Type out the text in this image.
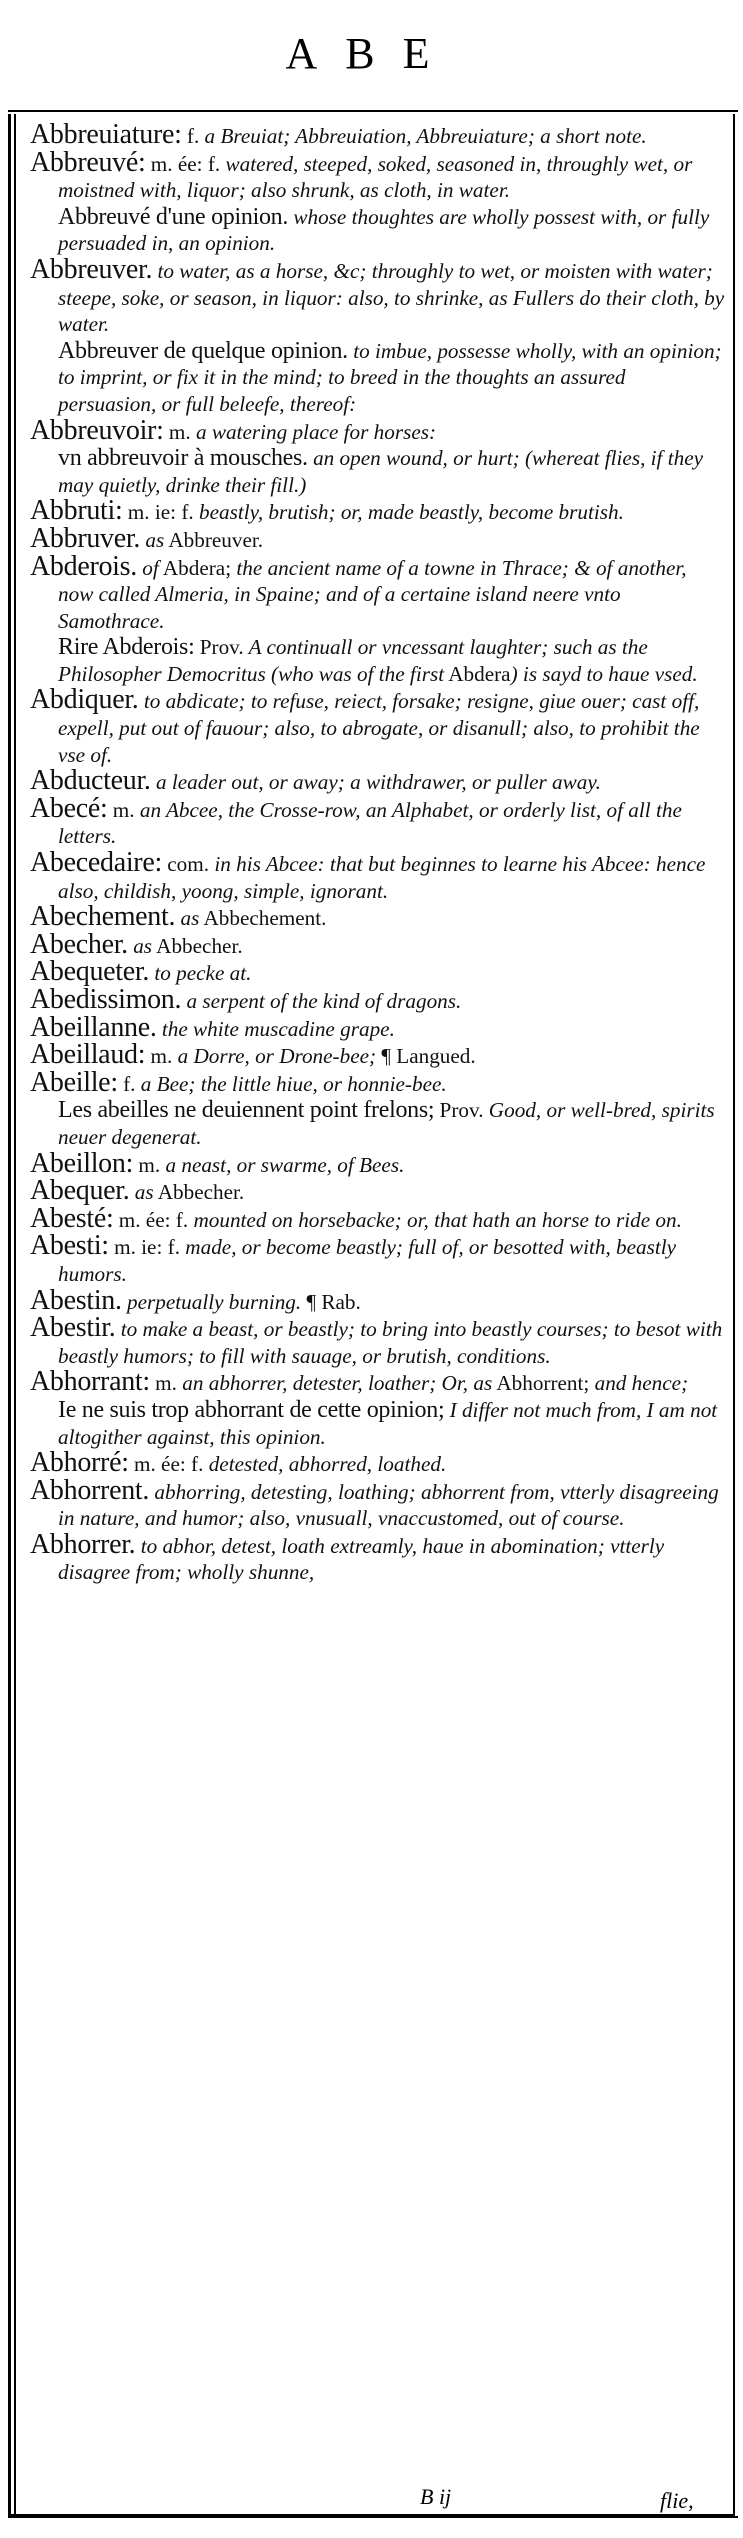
ABE

Abbreuiature: f. a Breuiat; Abbreuiation, Abbreuiature; a short note.

Abbreuvé: m. ée: f. watered, steeped, soked, seasoned in, throughly wet, or moistned with, liquor; also shrunk, as cloth, in water.

Abbreuvé d'une opinion. whose thoughtes are wholly possest with, or fully persuaded in, an opinion.

Abbreuver. to water, as a horse, &c; throughly to wet, or moisten with water; steepe, soke, or season, in liquor: also, to shrinke, as Fullers do their cloth, by water.

Abbreuver de quelque opinion. to imbue, possesse wholly, with an opinion; to imprint, or fix it in the mind; to breed in the thoughts an assured persuasion, or full beleefe, thereof:

Abbreuvoir: m. a watering place for horses:

vn abbreuvoir à mousches. an open wound, or hurt; (whereat flies, if they may quietly, drinke their fill.)

Abbruti: m. ie: f. beastly, brutish; or, made beastly, become brutish.

Abbruver. as Abbreuver.

Abderois. of Abdera; the ancient name of a towne in Thrace; & of another, now called Almeria, in Spaine; and of a certaine island neere vnto Samothrace.

Rire Abderois: Prov. A continuall or vncessant laughter; such as the Philosopher Democritus (who was of the first Abdera) is sayd to haue vsed.

Abdiquer. to abdicate; to refuse, reiect, forsake; resigne, giue ouer; cast off, expell, put out of fauour; also, to abrogate, or disanull; also, to prohibit the vse of.

Abducteur. a leader out, or away; a withdrawer, or puller away.

Abecé: m. an Abcee, the Crosse-row, an Alphabet, or orderly list, of all the letters.

Abecedaire: com. in his Abcee: that but beginnes to learne his Abcee: hence also, childish, yoong, simple, ignorant.

Abechement. as Abbechement.

Abecher. as Abbecher.

Abequeter. to pecke at.

Abedissimon. a serpent of the kind of dragons.

Abeillanne. the white muscadine grape.

Abeillaud: m. a Dorre, or Drone-bee; ¶ Langued.

Abeille: f. a Bee; the little hiue, or honnie-bee.

Les abeilles ne deuiennent point frelons; Prov. Good, or well-bred, spirits neuer degenerat.

Abeillon: m. a neast, or swarme, of Bees.

Abequer. as Abbecher.

Abesté: m. ée: f. mounted on horsebacke; or, that hath an horse to ride on.

Abesti: m. ie: f. made, or become beastly; full of, or besotted with, beastly humors.

Abestin. perpetually burning. ¶ Rab.

Abestir. to make a beast, or beastly; to bring into beastly courses; to besot with beastly humors; to fill with sauage, or brutish, conditions.

Abhorrant: m. an abhorrer, detester, loather; Or, as Abhorrent; and hence;

Ie ne suis trop abhorrant de cette opinion; I differ not much from, I am not altogither against, this opinion.

Abhorré: m. ée: f. detested, abhorred, loathed.

Abhorrent. abhorring, detesting, loathing; abhorrent from, vtterly disagreeing in nature, and humor; also, vnusuall, vnaccustomed, out of course.

Abhorrer. to abhor, detest, loath extreamly, haue in abomination; vtterly disagree from; wholly shunne,

B ij	flie,
